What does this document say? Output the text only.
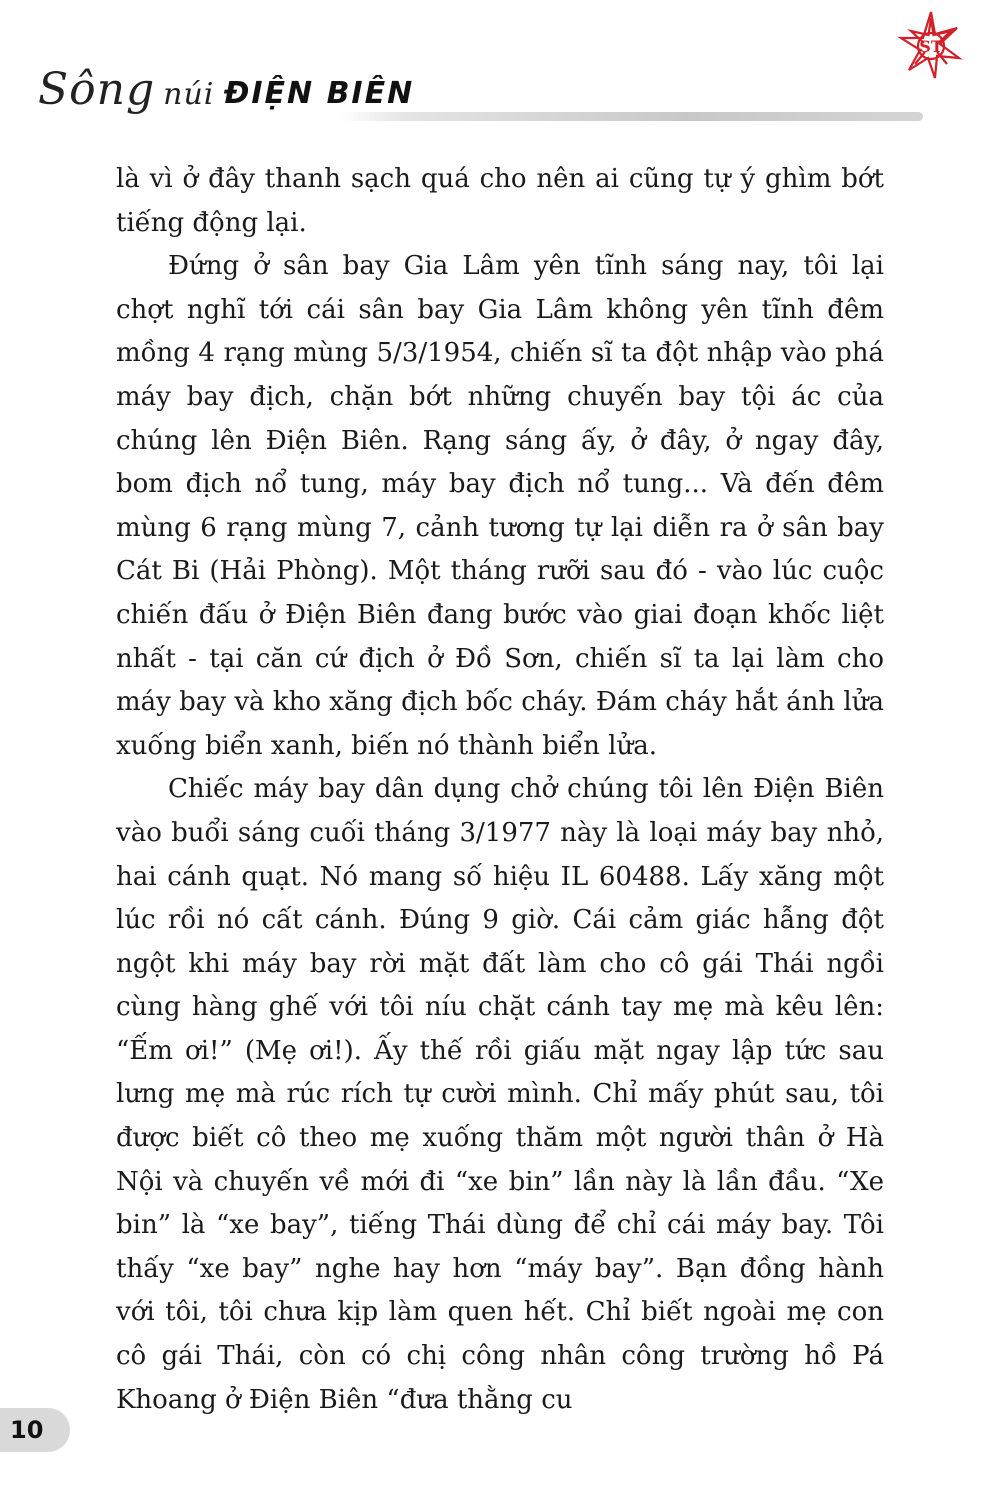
ST
Sông núi ĐIỆN BIÊN

là vì ở đây thanh sạch quá cho nên ai cũng tự ý ghìm bớt tiếng động lại.

Đứng ở sân bay Gia Lâm yên tĩnh sáng nay, tôi lại chợt nghĩ tới cái sân bay Gia Lâm không yên tĩnh đêm mồng 4 rạng mùng 5/3/1954, chiến sĩ ta đột nhập vào phá máy bay địch, chặn bớt những chuyến bay tội ác của chúng lên Điện Biên. Rạng sáng ấy, ở đây, ở ngay đây, bom địch nổ tung, máy bay địch nổ tung... Và đến đêm mùng 6 rạng mùng 7, cảnh tương tự lại diễn ra ở sân bay Cát Bi (Hải Phòng). Một tháng rưỡi sau đó - vào lúc cuộc chiến đấu ở Điện Biên đang bước vào giai đoạn khốc liệt nhất - tại căn cứ địch ở Đồ Sơn, chiến sĩ ta lại làm cho máy bay và kho xăng địch bốc cháy. Đám cháy hắt ánh lửa xuống biển xanh, biến nó thành biển lửa.

Chiếc máy bay dân dụng chở chúng tôi lên Điện Biên vào buổi sáng cuối tháng 3/1977 này là loại máy bay nhỏ, hai cánh quạt. Nó mang số hiệu IL 60488. Lấy xăng một lúc rồi nó cất cánh. Đúng 9 giờ. Cái cảm giác hẫng đột ngột khi máy bay rời mặt đất làm cho cô gái Thái ngồi cùng hàng ghế với tôi níu chặt cánh tay mẹ mà kêu lên: “Ếm ơi!” (Mẹ ơi!). Ấy thế rồi giấu mặt ngay lập tức sau lưng mẹ mà rúc rích tự cười mình. Chỉ mấy phút sau, tôi được biết cô theo mẹ xuống thăm một người thân ở Hà Nội và chuyến về mới đi “xe bin” lần này là lần đầu. “Xe bin” là “xe bay”, tiếng Thái dùng để chỉ cái máy bay. Tôi thấy “xe bay” nghe hay hơn “máy bay”. Bạn đồng hành với tôi, tôi chưa kịp làm quen hết. Chỉ biết ngoài mẹ con cô gái Thái, còn có chị công nhân công trường hồ Pá Khoang ở Điện Biên “đưa thằng cu

10
